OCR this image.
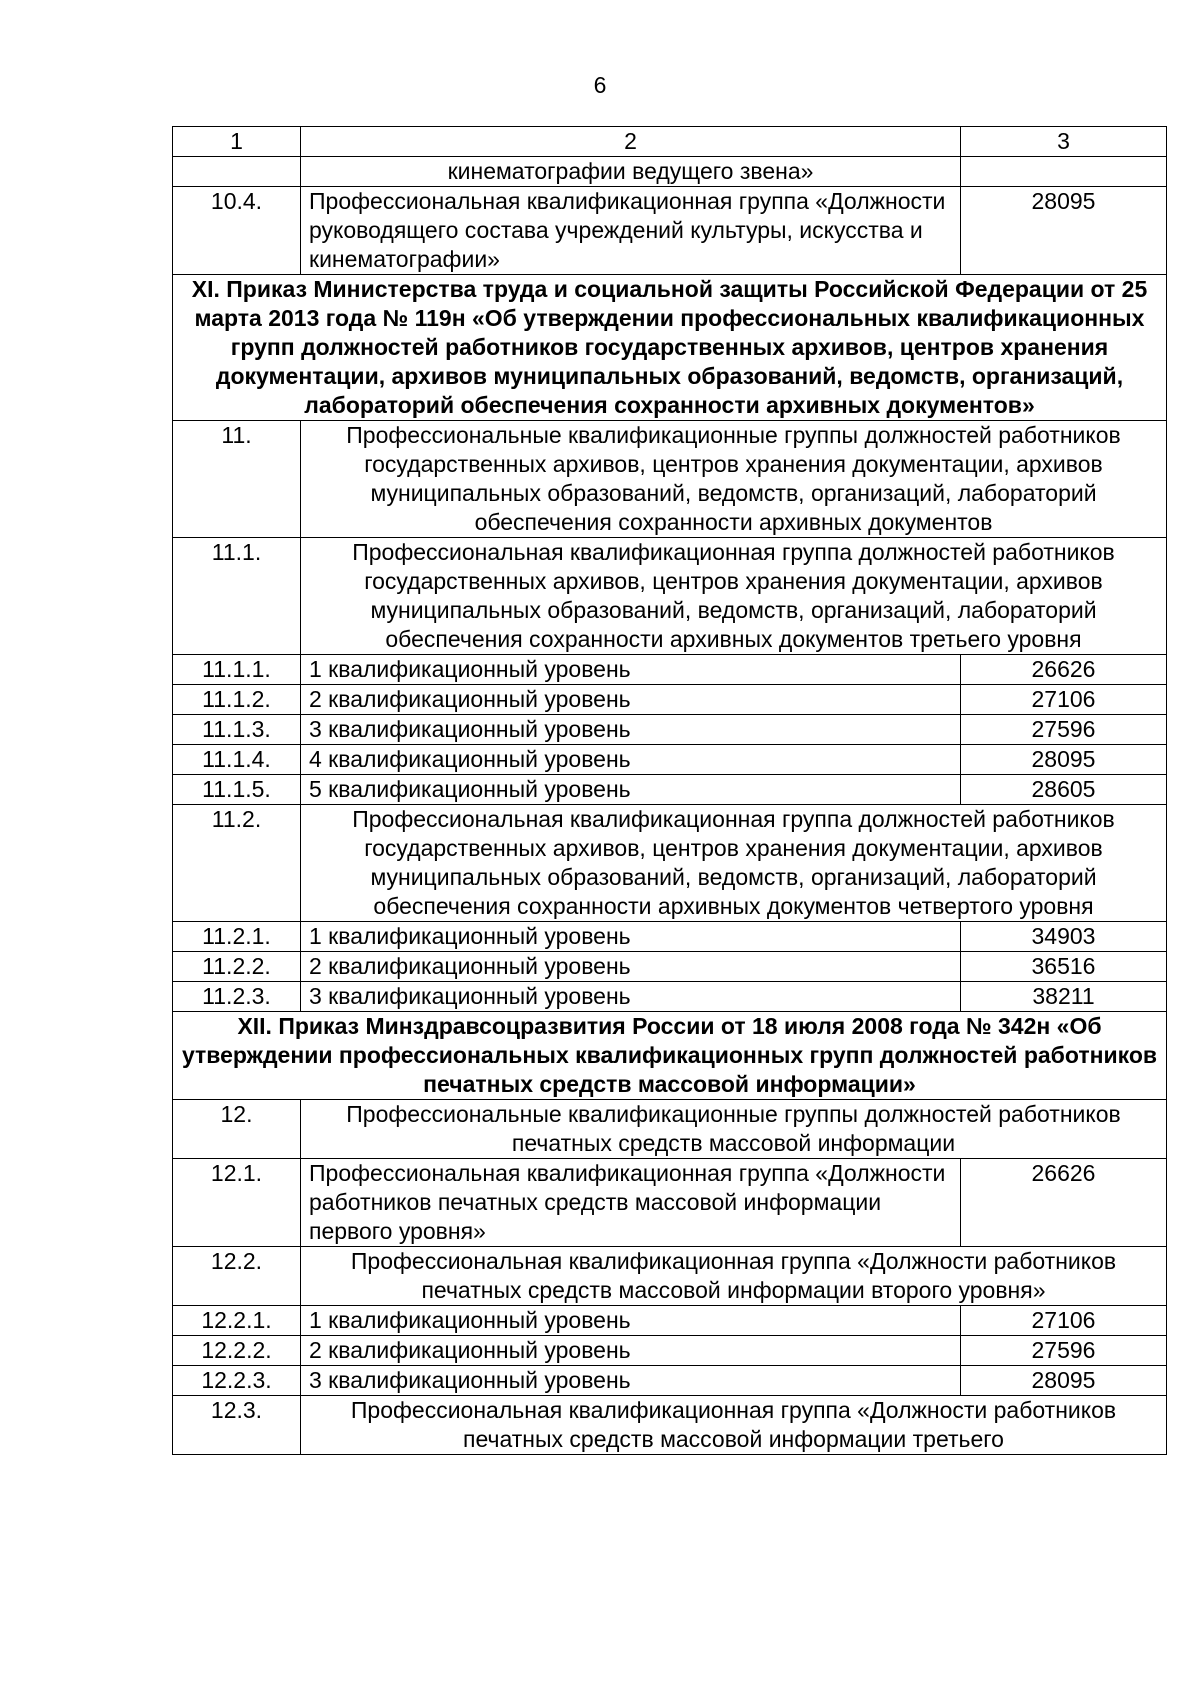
6
1	2	3
	кинематографии ведущего звена»	
10.4.	Профессиональная квалификационная группа «Должности руководящего состава учреждений культуры, искусства и кинематографии»	28095
XI. Приказ Министерства труда и социальной защиты Российской Федерации от 25 марта 2013 года № 119н «Об утверждении профессиональных квалификационных групп должностей работников государственных архивов, центров хранения документации, архивов муниципальных образований, ведомств, организаций, лабораторий обеспечения сохранности архивных документов»		
11.	Профессиональные квалификационные группы должностей работников государственных архивов, центров хранения документации, архивов муниципальных образований, ведомств, организаций, лабораторий обеспечения сохранности архивных документов	
11.1.	Профессиональная квалификационная группа должностей работников государственных архивов, центров хранения документации, архивов муниципальных образований, ведомств, организаций, лабораторий обеспечения сохранности архивных документов третьего уровня	
11.1.1.	1 квалификационный уровень	26626
11.1.2.	2 квалификационный уровень	27106
11.1.3.	3 квалификационный уровень	27596
11.1.4.	4 квалификационный уровень	28095
11.1.5.	5 квалификационный уровень	28605
11.2.	Профессиональная квалификационная группа должностей работников государственных архивов, центров хранения документации, архивов муниципальных образований, ведомств, организаций, лабораторий обеспечения сохранности архивных документов четвертого уровня	
11.2.1.	1 квалификационный уровень	34903
11.2.2.	2 квалификационный уровень	36516
11.2.3.	3 квалификационный уровень	38211
XII. Приказ Минздравсоцразвития России от 18 июля 2008 года № 342н «Об утверждении профессиональных квалификационных групп должностей работников печатных средств массовой информации»		
12.	Профессиональные квалификационные группы должностей работников печатных средств массовой информации	
12.1.	Профессиональная квалификационная группа «Должности работников печатных средств массовой информации первого уровня»	26626
12.2.	Профессиональная квалификационная группа «Должности работников печатных средств массовой информации второго уровня»	
12.2.1.	1 квалификационный уровень	27106
12.2.2.	2 квалификационный уровень	27596
12.2.3.	3 квалификационный уровень	28095
12.3.	Профессиональная квалификационная группа «Должности работников печатных средств массовой информации третьего	
